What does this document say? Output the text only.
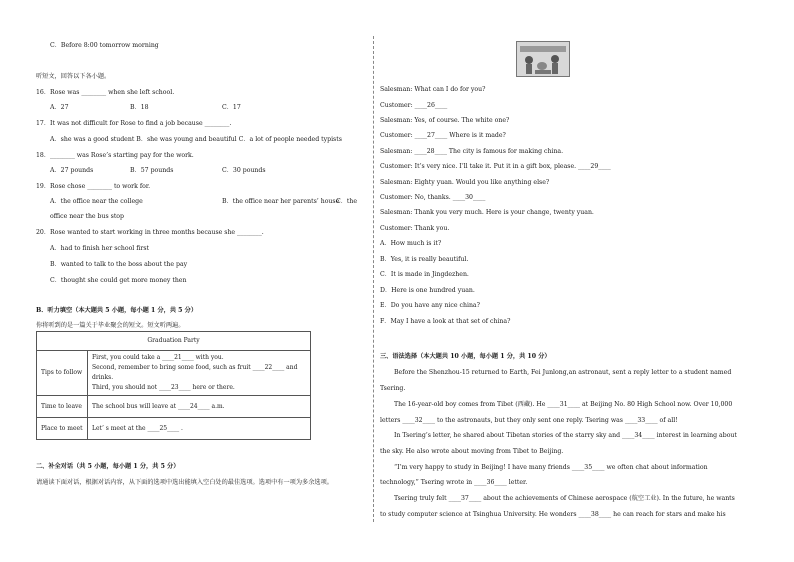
C．Before 8:00 tomorrow morning
听短文，回答以下各小题。
16．Rose was ________ when she left school.
A．27	B．18	C．17
17．It was not difficult for Rose to find a job because ________.
A．she was a good student B．she was young and beautiful C．a lot of people needed typists
18．________ was Rose’s starting pay for the work.
A．27 pounds	B．57 pounds	C．30 pounds
19．Rose chose ________ to work for.
A．the office near the college	B．the office near her parents’ house
C．the
office near the bus stop
20．Rose wanted to start working in three months because she ________.
A．had to finish her school first
B．wanted to talk to the boss about the pay
C．thought she could get more money then
B．听力填空（本大题共 5 小题，每小题 1 分，共 5 分）
你将听到的是一篇关于毕业聚会的短文。短文听两遍。
Graduation Party	
Tips to follow	First, you could take a ____21____ with you.
Second, remember to bring some food, such as fruit ____22____ and drinks.
Third, you should not ____23____ here or there.

Time to leave	The school bus will leave at ____24____ a.m.
Place to meet	Let’ s meet at the ____25____ .
二、补全对话（共 5 小题，每小题 1 分，共 5 分）
请通读下面对话，根据对话内容，从下面的选项中选出能填入空白处的最佳选项。选项中有一项为多余选项。
Salesman: What can I do for you?
Customer: ____26____
Salesman: Yes, of course. The white one?
Customer: ____27____ Where is it made?
Salesman: ____28____ The city is famous for making china.
Customer: It’s very nice. I’ll take it. Put it in a gift box, please. ____29____
Salesman: Eighty yuan. Would you like anything else?
Customer: No, thanks. ____30____
Salesman: Thank you very much. Here is your change, twenty yuan.
Customer: Thank you.
A．How much is it?
B．Yes, it is really beautiful.
C．It is made in Jingdezhen.
D．Here is one hundred yuan.
E．Do you have any nice china?
F．May I have a look at that set of china?
三、语法选择（本大题共 10 小题，每小题 1 分，共 10 分）
Before the Shenzhou-15 returned to Earth, Fei Junlong,an astronaut, sent a reply letter to a student named
Tsering.
The 16-year-old boy comes from Tibet (西藏). He ____31____ at Beijing No. 80 High School now. Over 10,000
letters ____32____ to the astronauts, but they only sent one reply. Tsering was ____33____ of all!
In Tsering’s letter, he shared about Tibetan stories of the starry sky and ____34____ interest in learning about
the sky. He also wrote about moving from Tibet to Beijing.
“I’m very happy to study in Beijing! I have many friends ____35____ we often chat about information
technology,” Tsering wrote in ____36____ letter.
Tsering truly felt ____37____ about the achievements of Chinese aerospace (航空工业). In the future, he wants
to study computer science at Tsinghua University. He wonders ____38____ he can reach for stars and make his
